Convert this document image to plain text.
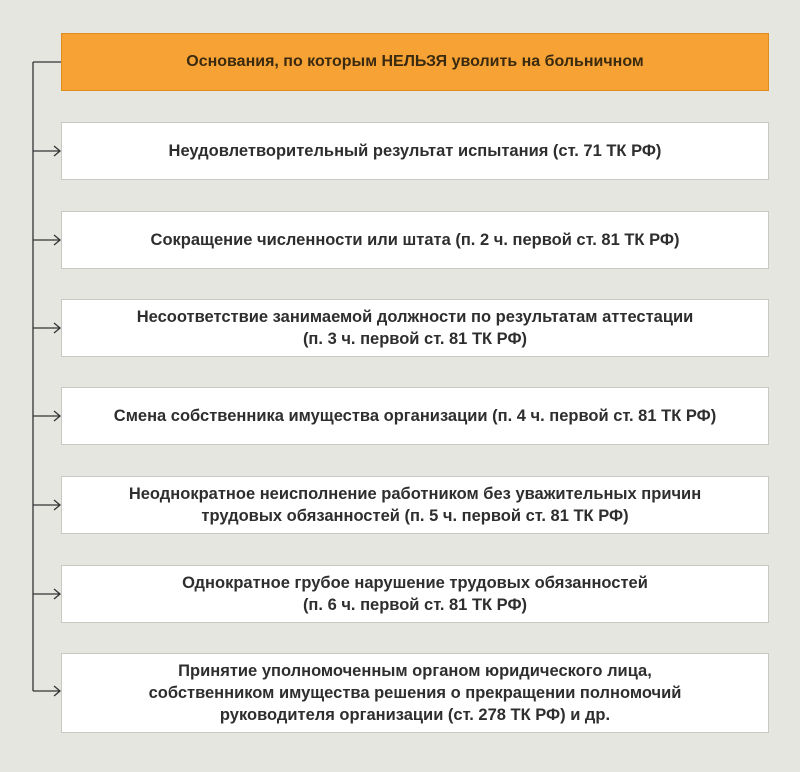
Основания, по которым НЕЛЬЗЯ уволить на больничном
Неудовлетворительный результат испытания (ст. 71 ТК РФ)
Сокращение численности или штата (п. 2 ч. первой ст. 81 ТК РФ)
Несоответствие занимаемой должности по результатам аттестации
(п. 3 ч. первой ст. 81 ТК РФ)
Смена собственника имущества организации (п. 4 ч. первой ст. 81 ТК РФ)
Неоднократное неисполнение работником без уважительных причин
трудовых обязанностей (п. 5 ч. первой ст. 81 ТК РФ)
Однократное грубое нарушение трудовых обязанностей
(п. 6 ч. первой ст. 81 ТК РФ)
Принятие уполномоченным органом юридического лица,
собственником имущества решения о прекращении полномочий
руководителя организации (ст. 278 ТК РФ) и др.
